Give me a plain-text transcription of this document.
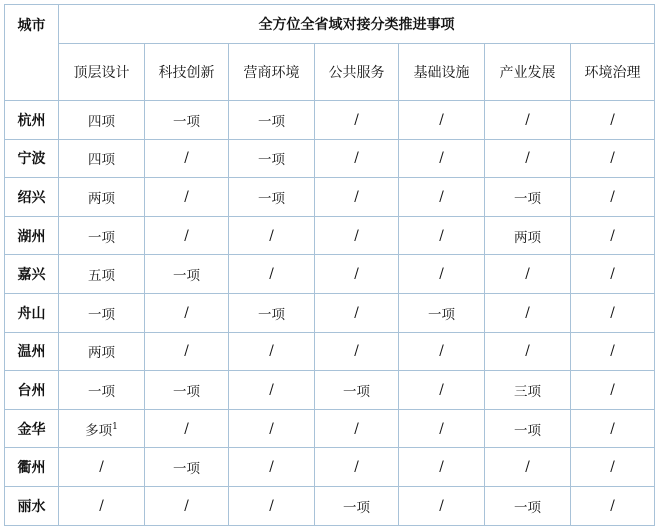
城市	全方位全省域对接分类推进事项						
	顶层设计	科技创新	营商环境	公共服务	基础设施	产业发展	环境治理
杭州	四项	一项	一项	/	/	/	/
宁波	四项	/	一项	/	/	/	/
绍兴	两项	/	一项	/	/	一项	/
湖州	一项	/	/	/	/	两项	/
嘉兴	五项	一项	/	/	/	/	/
舟山	一项	/	一项	/	一项	/	/
温州	两项	/	/	/	/	/	/
台州	一项	一项	/	一项	/	三项	/
金华	多项$^1$	/	/	/	/	一项	/
衢州	/	一项	/	/	/	/	/
丽水	/	/	/	一项	/	一项	/
